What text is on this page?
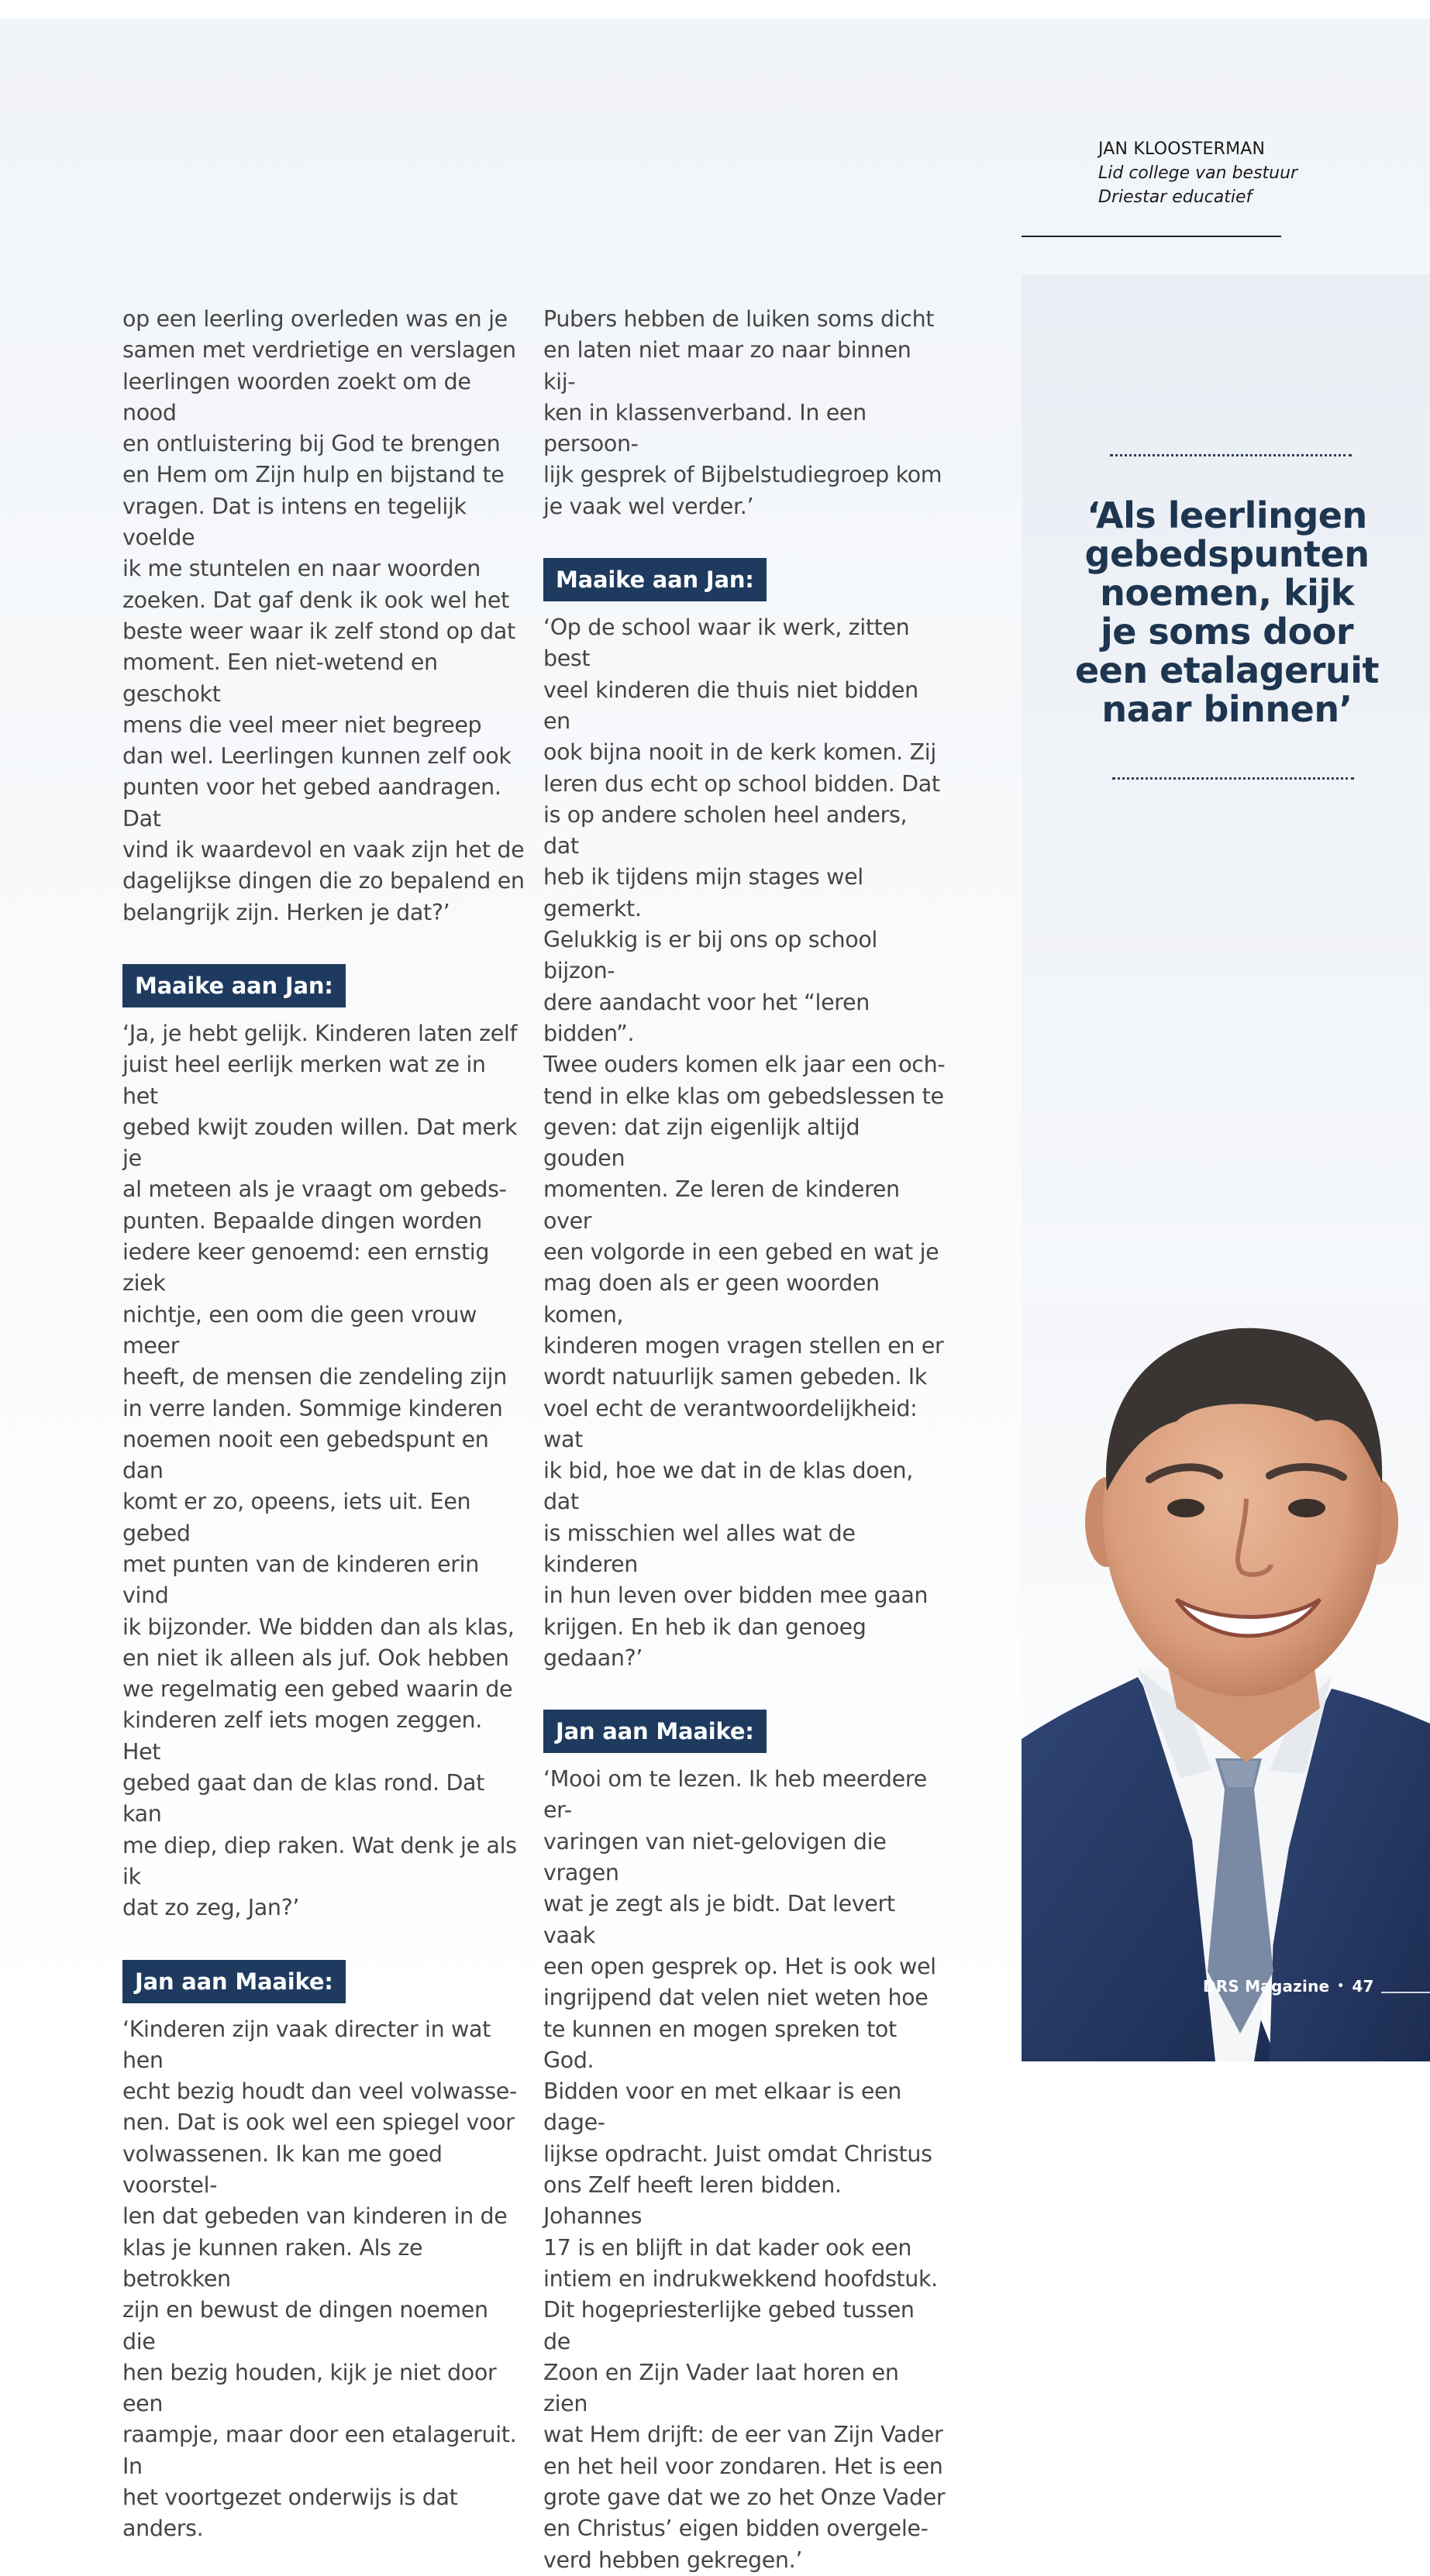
JAN KLOOSTERMAN
Lid college van bestuur
Driestar educatief

‘Als leerlingen
gebedspunten
noemen, kijk
je soms door
een etalageruit
naar binnen’

op een leerling overleden was en je
samen met verdrietige en verslagen
leerlingen woorden zoekt om de nood
en ontluistering bij God te brengen
en Hem om Zijn hulp en bijstand te
vragen. Dat is intens en tegelijk voelde
ik me stuntelen en naar woorden
zoeken. Dat gaf denk ik ook wel het
beste weer waar ik zelf stond op dat
moment. Een niet-wetend en geschokt
mens die veel meer niet begreep
dan wel. Leerlingen kunnen zelf ook
punten voor het gebed aandragen. Dat
vind ik waardevol en vaak zijn het de
dagelijkse dingen die zo bepalend en
belangrijk zijn. Herken je dat?’

Maaike aan Jan:

‘Ja, je hebt gelijk. Kinderen laten zelf
juist heel eerlijk merken wat ze in het
gebed kwijt zouden willen. Dat merk je
al meteen als je vraagt om gebeds-
punten. Bepaalde dingen worden
iedere keer genoemd: een ernstig ziek
nichtje, een oom die geen vrouw meer
heeft, de mensen die zendeling zijn
in verre landen. Sommige kinderen
noemen nooit een gebedspunt en dan
komt er zo, opeens, iets uit. Een gebed
met punten van de kinderen erin vind
ik bijzonder. We bidden dan als klas,
en niet ik alleen als juf. Ook hebben
we regelmatig een gebed waarin de
kinderen zelf iets mogen zeggen. Het
gebed gaat dan de klas rond. Dat kan
me diep, diep raken. Wat denk je als ik
dat zo zeg, Jan?’

Jan aan Maaike:

‘Kinderen zijn vaak directer in wat hen
echt bezig houdt dan veel volwasse-
nen. Dat is ook wel een spiegel voor
volwassenen. Ik kan me goed voorstel-
len dat gebeden van kinderen in de
klas je kunnen raken. Als ze betrokken
zijn en bewust de dingen noemen die
hen bezig houden, kijk je niet door een
raampje, maar door een etalageruit. In
het voortgezet onderwijs is dat anders.

Pubers hebben de luiken soms dicht
en laten niet maar zo naar binnen kij-
ken in klassenverband. In een persoon-
lijk gesprek of Bijbelstudiegroep kom
je vaak wel verder.’

Maaike aan Jan:

‘Op de school waar ik werk, zitten best
veel kinderen die thuis niet bidden en
ook bijna nooit in de kerk komen. Zij
leren dus echt op school bidden. Dat
is op andere scholen heel anders, dat
heb ik tijdens mijn stages wel gemerkt.
Gelukkig is er bij ons op school bijzon-
dere aandacht voor het “leren bidden”.
Twee ouders komen elk jaar een och-
tend in elke klas om gebedslessen te
geven: dat zijn eigenlijk altijd gouden
momenten. Ze leren de kinderen over
een volgorde in een gebed en wat je
mag doen als er geen woorden komen,
kinderen mogen vragen stellen en er
wordt natuurlijk samen gebeden. Ik
voel echt de verantwoordelijkheid: wat
ik bid, hoe we dat in de klas doen, dat
is misschien wel alles wat de kinderen
in hun leven over bidden mee gaan
krijgen. En heb ik dan genoeg gedaan?’

Jan aan Maaike:

‘Mooi om te lezen. Ik heb meerdere er-
varingen van niet-gelovigen die vragen
wat je zegt als je bidt. Dat levert vaak
een open gesprek op. Het is ook wel
ingrijpend dat velen niet weten hoe
te kunnen en mogen spreken tot God.
Bidden voor en met elkaar is een dage-
lijkse opdracht. Juist omdat Christus
ons Zelf heeft leren bidden. Johannes
17 is en blijft in dat kader ook een
intiem en indrukwekkend hoofdstuk.
Dit hogepriesterlijke gebed tussen de
Zoon en Zijn Vader laat horen en zien
wat Hem drijft: de eer van Zijn Vader
en het heil voor zondaren. Het is een
grote gave dat we zo het Onze Vader
en Christus’ eigen bidden overgele-
verd hebben gekregen.’

DRS Magazine • 47
